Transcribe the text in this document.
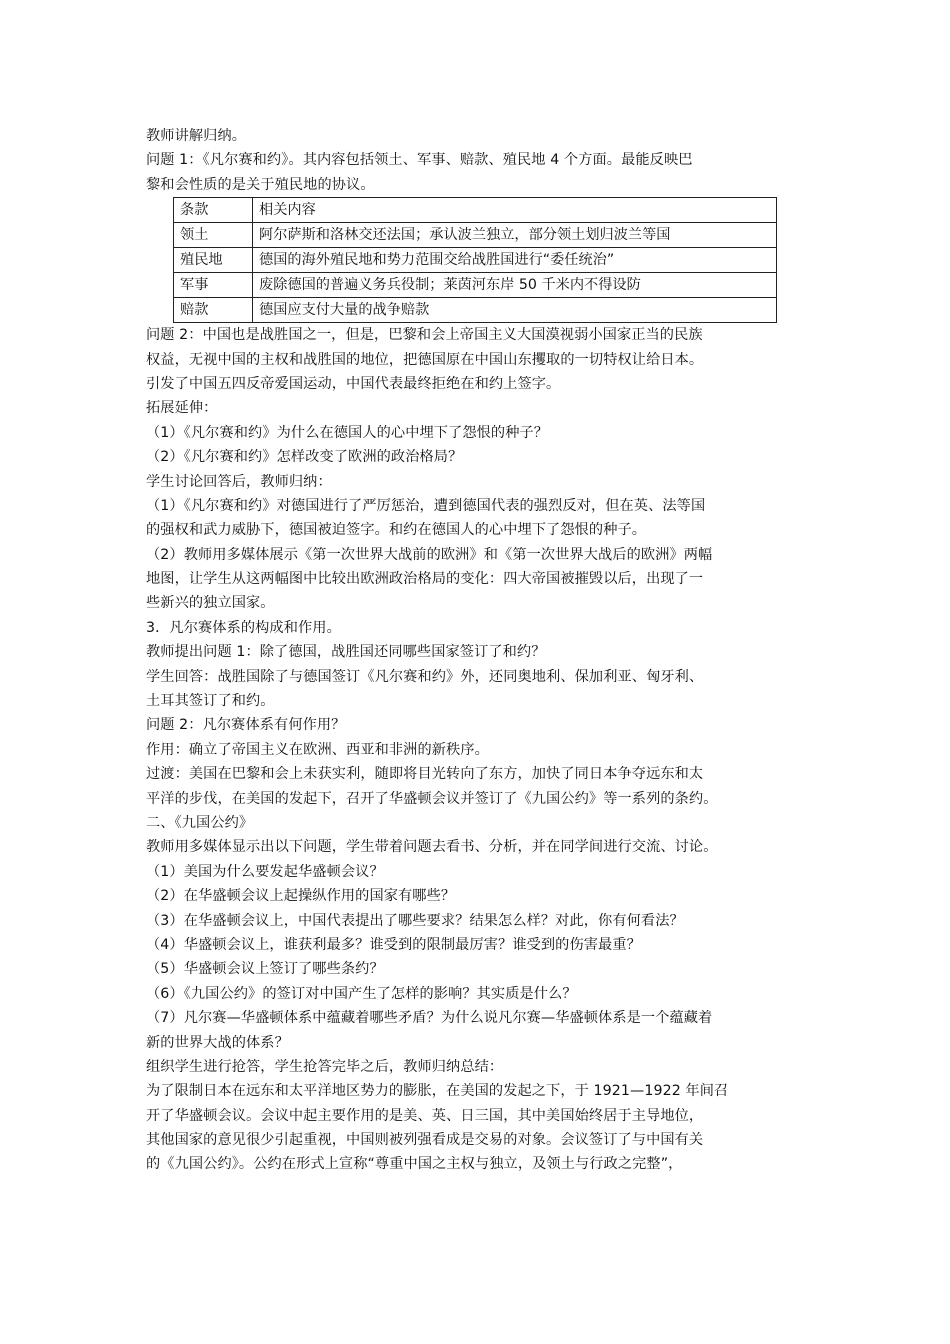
教师讲解归纳。
问题 1：《凡尔赛和约》。其内容包括领土、军事、赔款、殖民地 4 个方面。最能反映巴
黎和会性质的是关于殖民地的协议。
条款	相关内容
领土	阿尔萨斯和洛林交还法国；承认波兰独立，部分领土划归波兰等国
殖民地	德国的海外殖民地和势力范围交给战胜国进行“委任统治”
军事	废除德国的普遍义务兵役制；莱茵河东岸 50 千米内不得设防
赔款	德国应支付大量的战争赔款
问题 2：中国也是战胜国之一，但是，巴黎和会上帝国主义大国漠视弱小国家正当的民族
权益，无视中国的主权和战胜国的地位，把德国原在中国山东攫取的一切特权让给日本。
引发了中国五四反帝爱国运动，中国代表最终拒绝在和约上签字。
拓展延伸：
（1）《凡尔赛和约》为什么在德国人的心中埋下了怨恨的种子？
（2）《凡尔赛和约》怎样改变了欧洲的政治格局？
学生讨论回答后，教师归纳：
（1）《凡尔赛和约》对德国进行了严厉惩治，遭到德国代表的强烈反对，但在英、法等国
的强权和武力威胁下，德国被迫签字。和约在德国人的心中埋下了怨恨的种子。
（2）教师用多媒体展示《第一次世界大战前的欧洲》和《第一次世界大战后的欧洲》两幅
地图，让学生从这两幅图中比较出欧洲政治格局的变化：四大帝国被摧毁以后，出现了一
些新兴的独立国家。
3．凡尔赛体系的构成和作用。
教师提出问题 1：除了德国，战胜国还同哪些国家签订了和约？
学生回答：战胜国除了与德国签订《凡尔赛和约》外，还同奥地利、保加利亚、匈牙利、
土耳其签订了和约。
问题 2：凡尔赛体系有何作用？
作用：确立了帝国主义在欧洲、西亚和非洲的新秩序。
过渡：美国在巴黎和会上未获实利，随即将目光转向了东方，加快了同日本争夺远东和太
平洋的步伐，在美国的发起下，召开了华盛顿会议并签订了《九国公约》等一系列的条约。
二、《九国公约》
教师用多媒体显示出以下问题，学生带着问题去看书、分析，并在同学间进行交流、讨论。
（1）美国为什么要发起华盛顿会议？
（2）在华盛顿会议上起操纵作用的国家有哪些？
（3）在华盛顿会议上，中国代表提出了哪些要求？结果怎么样？对此，你有何看法？
（4）华盛顿会议上，谁获利最多？谁受到的限制最厉害？谁受到的伤害最重？
（5）华盛顿会议上签订了哪些条约？
（6）《九国公约》的签订对中国产生了怎样的影响？其实质是什么？
（7）凡尔赛—华盛顿体系中蕴藏着哪些矛盾？为什么说凡尔赛—华盛顿体系是一个蕴藏着
新的世界大战的体系？
组织学生进行抢答，学生抢答完毕之后，教师归纳总结：
为了限制日本在远东和太平洋地区势力的膨胀，在美国的发起之下，于 1921—1922 年间召
开了华盛顿会议。会议中起主要作用的是美、英、日三国，其中美国始终居于主导地位，
其他国家的意见很少引起重视，中国则被列强看成是交易的对象。会议签订了与中国有关
的《九国公约》。公约在形式上宣称“尊重中国之主权与独立，及领土与行政之完整”，
